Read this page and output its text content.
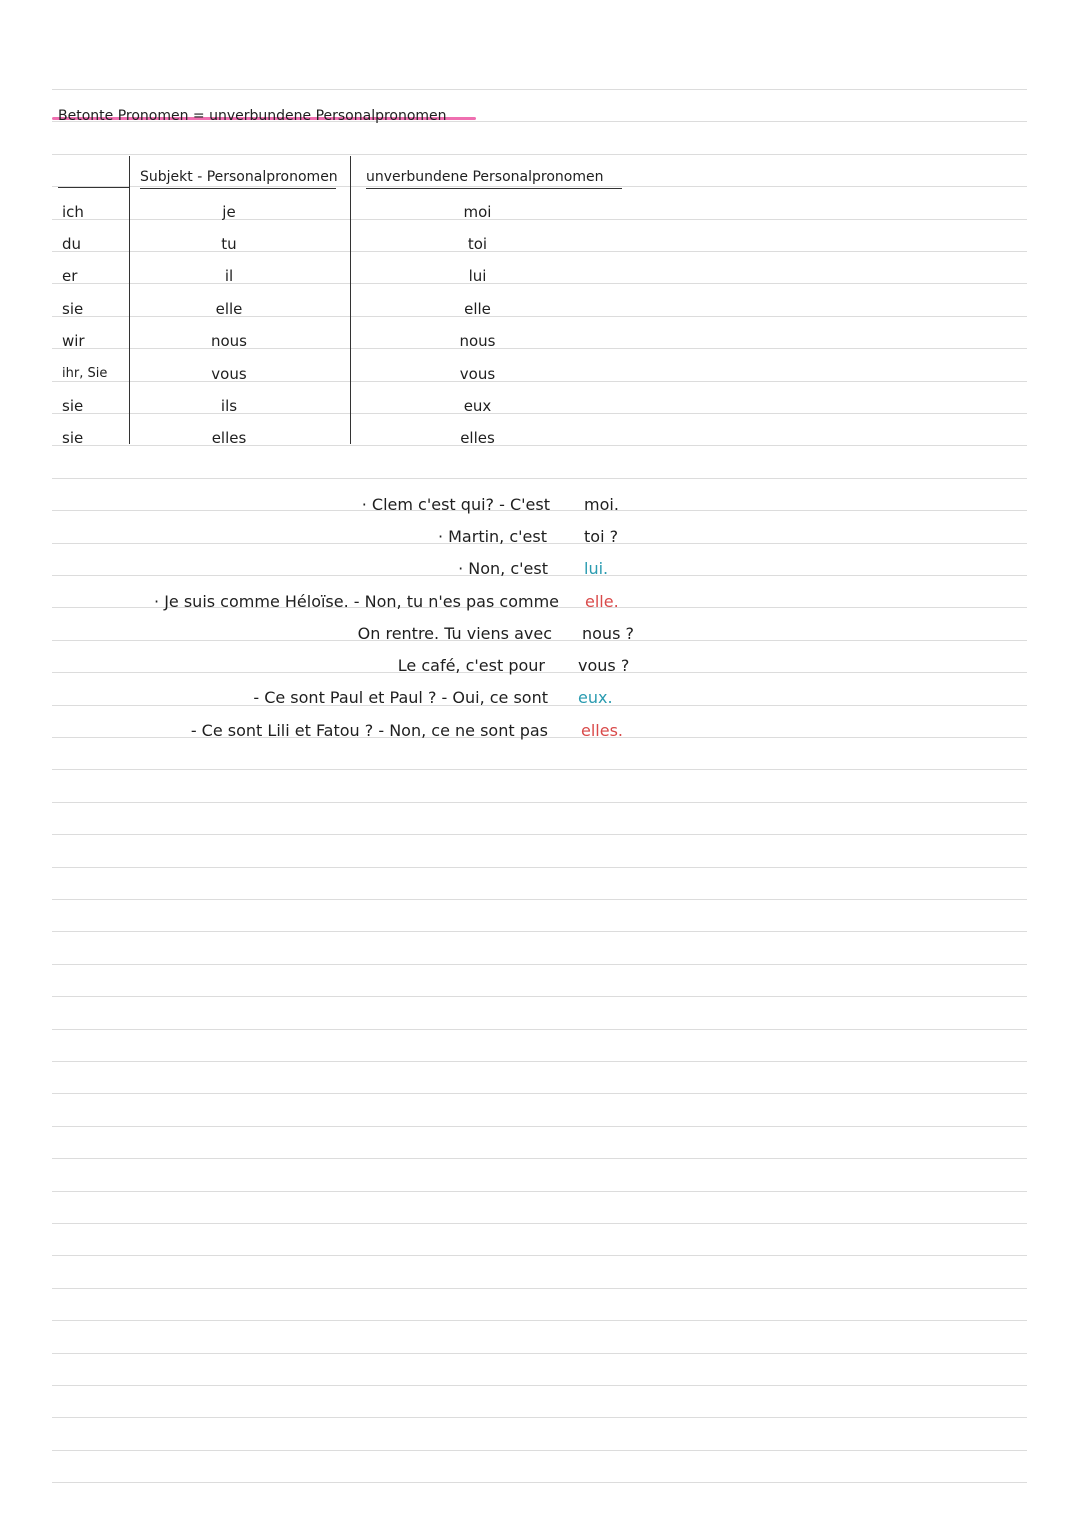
Betonte Pronomen = unverbundene Personalpronomen
Subjekt - Personalpronomen unverbundene Personalpronomen
ich	je	moi
du	tu	toi
er	il	lui
sie	elle	elle
wir	nous	nous
ihr, Sie	vous	vous
sie	ils	eux
sie	elles	elles
· Clem c'est qui? - C'est moi.
· Martin, c'est toi ?
· Non, c'est lui.
· Je suis comme Héloïse. - Non, tu n'es pas comme elle.
On rentre. Tu viens avec nous ?
Le café, c'est pour vous ?
- Ce sont Paul et Paul ? - Oui, ce sont eux.
- Ce sont Lili et Fatou ? - Non, ce ne sont pas elles.
